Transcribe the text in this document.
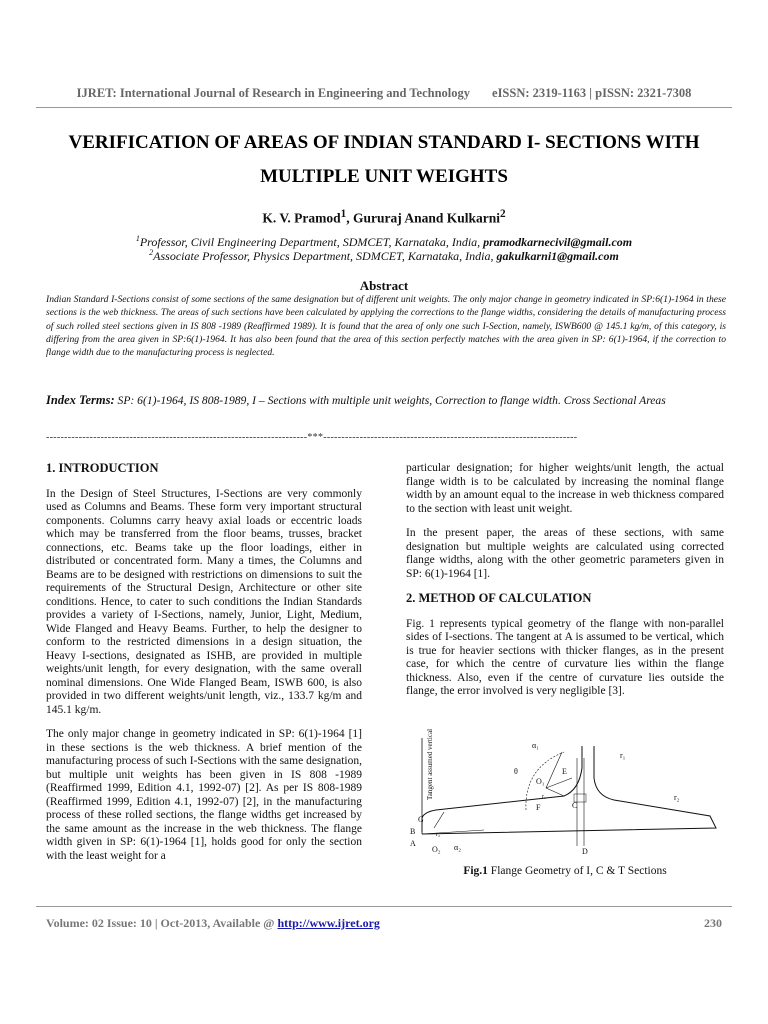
IJRET: International Journal of Research in Engineering and Technology eISSN: 2319-1163 | pISSN: 2321-7308
VERIFICATION OF AREAS OF INDIAN STANDARD I- SECTIONS WITH
MULTIPLE UNIT WEIGHTS
K. V. Pramod$^1$, Gururaj Anand Kulkarni$^2$
$^1$Professor, Civil Engineering Department, SDMCET, Karnataka, India, pramodkarnecivil@gmail.com
$^2$Associate Professor, Physics Department, SDMCET, Karnataka, India, gakulkarni1@gmail.com
Abstract
Indian Standard I-Sections consist of some sections of the same designation but of different unit weights. The only major change in geometry indicated in SP:6(1)-1964 in these sections is the web thickness. The areas of such sections have been calculated by applying the corrections to the flange widths, considering the details of manufacturing process of such rolled steel sections given in IS 808 -1989 (Reaffirmed 1989). It is found that the area of only one such I-Section, namely, ISWB600 @ 145.1 kg/m, of this category, is differing from the area given in SP:6(1)-1964. It has also been found that the area of this section perfectly matches with the area given in SP: 6(1)-1964, if the correction to flange width due to the manufacturing process is neglected.
Index Terms: SP: 6(1)-1964, IS 808-1989, I – Sections with multiple unit weights, Correction to flange width. Cross Sectional Areas
------------------------------------------------------------------------***----------------------------------------------------------------------
1. INTRODUCTION

In the Design of Steel Structures, I-Sections are very commonly used as Columns and Beams. These form very important structural components. Columns carry heavy axial loads or eccentric loads which may be transferred from the floor beams, trusses, bracket connections, etc. Beams take up the floor loadings, either in distributed or concentrated form. Many a times, the Columns and Beams are to be designed with restrictions on dimensions to suit the requirements of the Structural Design, Architecture or other site conditions. Hence, to cater to such conditions the Indian Standards provides a variety of I-Sections, namely, Junior, Light, Medium, Wide Flanged and Heavy Beams. Further, to help the designer to conform to the restricted dimensions in a design situation, the Heavy I-sections, designated as ISHB, are provided in multiple weights/unit length, for every designation, with the same overall nominal dimensions. One Wide Flanged Beam, ISWB 600, is also provided in two different weights/unit length, viz., 133.7 kg/m and 145.1 kg/m.

The only major change in geometry indicated in SP: 6(1)-1964 [1] in these sections is the web thickness. A brief mention of the manufacturing process of such I-Sections with the same designation, but multiple unit weights has been given in IS 808 -1989 (Reaffirmed 1999, Edition 4.1, 1992-07) [2]. As per IS 808-1989 (Reaffirmed 1999, Edition 4.1, 1992-07) [2], in the manufacturing process of these rolled sections, the flange widths get increased by the same amount as the increase in the web thickness. The flange width given in SP: 6(1)-1964 [1], holds good for only the section with the least weight for a

particular designation; for higher weights/unit length, the actual flange width is to be calculated by increasing the nominal flange width by an amount equal to the increase in web thickness compared to the section with least unit weight.

In the present paper, the areas of these sections, with same designation but multiple weights are calculated using corrected flange widths, along with the other geometric parameters given in SP: 6(1)-1964 [1].

2. METHOD OF CALCULATION

Fig. 1 represents typical geometry of the flange with non-parallel sides of I-sections. The tangent at A is assumed to be vertical, which is true for heavier sections with thicker flanges, as in the present case, for which the centre of curvature lies within the flange thickness. Also, even if the centre of curvature lies outside the flange, the error involved is very negligible [3].

Tangent assumed vertical	α₁
θ
O₁
r₁
E
F	C
r₁
r₂
G
B
A
r₂
O₂ α₂	D
Fig.1 Flange Geometry of I, C & T Sections
Volume: 02 Issue: 10 | Oct-2013, Available @ http://www.ijret.org	230
